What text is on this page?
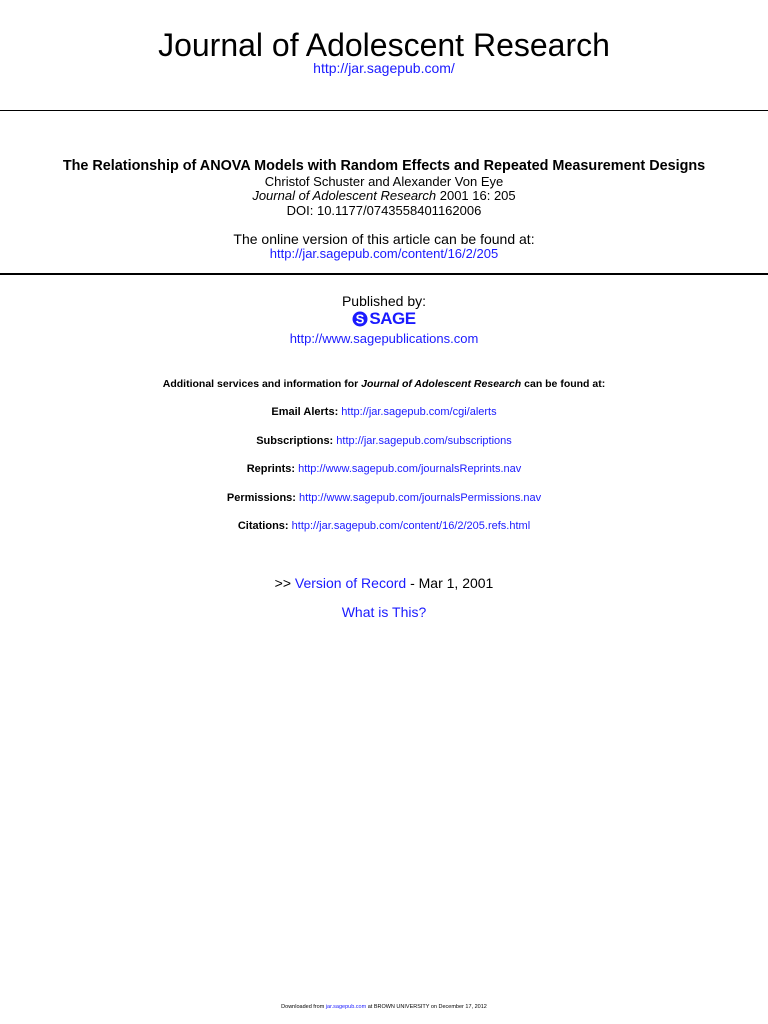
Journal of Adolescent Research
http://jar.sagepub.com/
The Relationship of ANOVA Models with Random Effects and Repeated Measurement Designs
Christof Schuster and Alexander Von Eye
Journal of Adolescent Research 2001 16: 205
DOI: 10.1177/0743558401162006
The online version of this article can be found at:
http://jar.sagepub.com/content/16/2/205
Published by:
S SAGE
http://www.sagepublications.com
Additional services and information for Journal of Adolescent Research can be found at:
Email Alerts: http://jar.sagepub.com/cgi/alerts
Subscriptions: http://jar.sagepub.com/subscriptions
Reprints: http://www.sagepub.com/journalsReprints.nav
Permissions: http://www.sagepub.com/journalsPermissions.nav
Citations: http://jar.sagepub.com/content/16/2/205.refs.html
>> Version of Record - Mar 1, 2001
What is This?
Downloaded from jar.sagepub.com at BROWN UNIVERSITY on December 17, 2012
